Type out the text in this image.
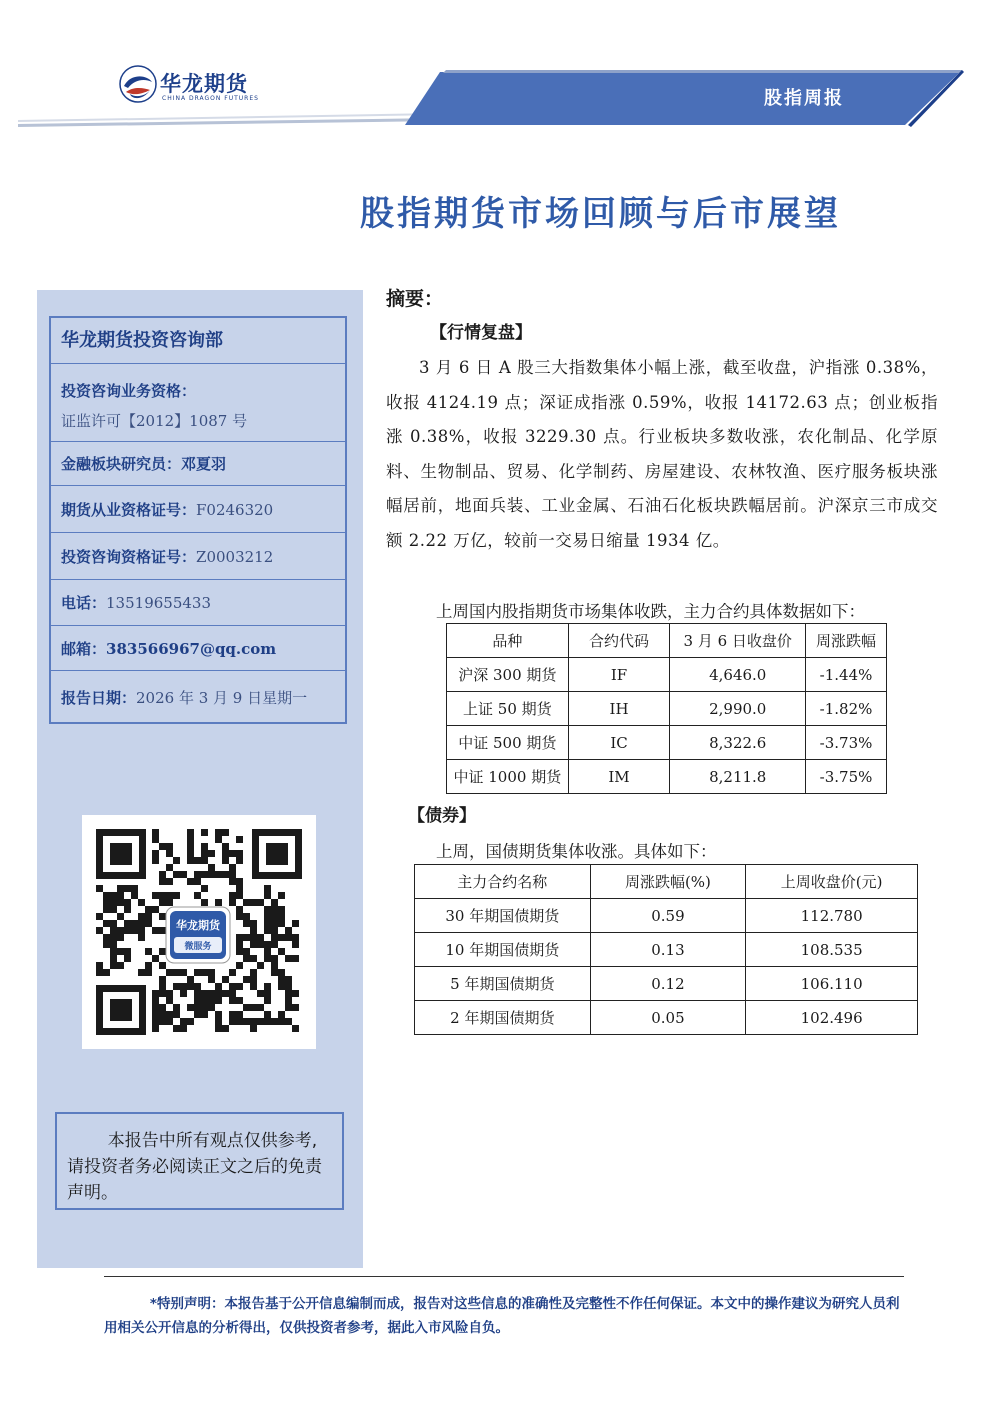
华龙期货
CHINA DRAGON FUTURES	股指周报
股指期货市场回顾与后市展望
华龙期货投资咨询部
投资咨询业务资格：
证监许可【2012】1087 号
金融板块研究员：邓夏羽
期货从业资格证号：F0246320
投资咨询资格证号：Z0003212
电话：13519655433
邮箱：383566967@qq.com
报告日期：2026 年 3 月 9 日星期一
华龙期货
微服务
本报告中所有观点仅供参考,请投资者务必阅读正文之后的免责声明。
摘要：
【行情复盘】
3 月 6 日 A 股三大指数集体小幅上涨，截至收盘，沪指涨 0.38%，收报 4124.19 点；深证成指涨 0.59%，收报 14172.63 点；创业板指涨 0.38%，收报 3229.30 点。行业板块多数收涨，农化制品、化学原料、生物制品、贸易、化学制药、房屋建设、农林牧渔、医疗服务板块涨幅居前，地面兵装、工业金属、石油石化板块跌幅居前。沪深京三市成交额 2.22 万亿，较前一交易日缩量 1934 亿。
上周国内股指期货市场集体收跌，主力合约具体数据如下：
品种	合约代码	3 月 6 日收盘价	周涨跌幅
沪深 300 期货	IF	4,646.0	-1.44%
上证 50 期货	IH	2,990.0	-1.82%
中证 500 期货	IC	8,322.6	-3.73%
中证 1000 期货	IM	8,211.8	-3.75%
【债券】
上周，国债期货集体收涨。具体如下：
主力合约名称	周涨跌幅(%)	上周收盘价(元)
30 年期国债期货	0.59	112.780
10 年期国债期货	0.13	108.535
5 年期国债期货	0.12	106.110
2 年期国债期货	0.05	102.496
*特别声明：本报告基于公开信息编制而成，报告对这些信息的准确性及完整性不作任何保证。本文中的操作建议为研究人员利用相关公开信息的分析得出，仅供投资者参考，据此入市风险自负。
